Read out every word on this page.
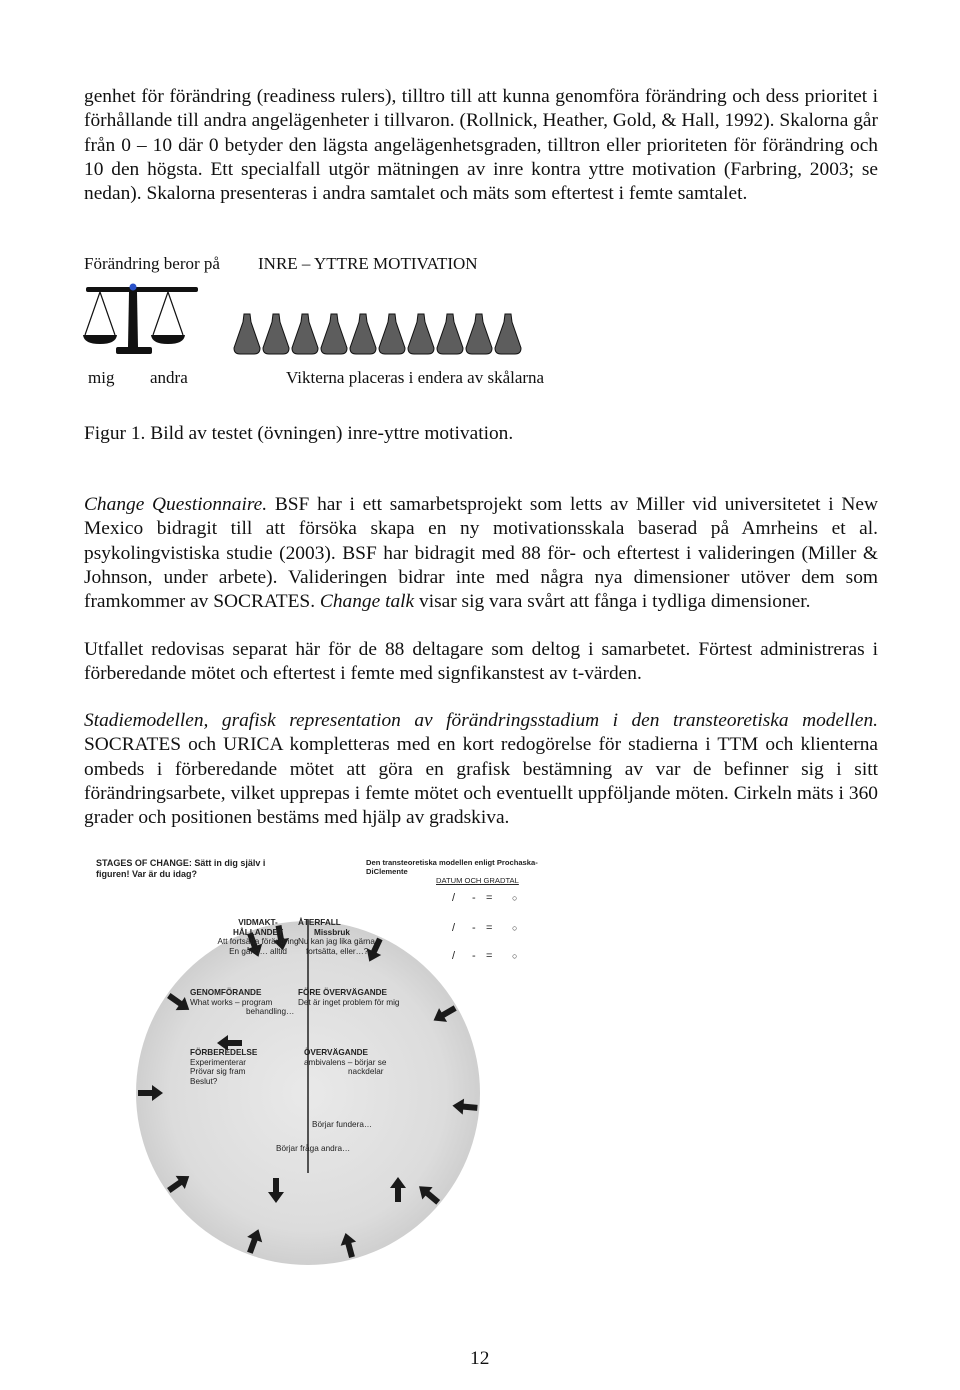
genhet för förändring (readiness rulers), tilltro till att kunna genomföra förändring och dess prioritet i förhållande till andra angelägenheter i tillvaron. (Rollnick, Heather, Gold, & Hall, 1992). Skalorna går från 0 – 10 där 0 betyder den lägsta angelägenhetsgraden, tilltron eller prioriteten för förändring och 10 den högsta. Ett specialfall utgör mätningen av inre kontra yttre motivation (Farbring, 2003; se nedan). Skalorna presenteras i andra samtalet och mäts som eftertest i femte samtalet.
Förändring beror på INRE – YTTRE MOTIVATION
mig andra	Vikterna placeras i endera av skålarna
Figur 1. Bild av testet (övningen) inre-yttre motivation.
Change Questionnaire. BSF har i ett samarbetsprojekt som letts av Miller vid universitetet i New Mexico bidragit till att försöka skapa en ny motivationsskala baserad på Amrheins et al. psykolingvistiska studie (2003). BSF har bidragit med 88 för- och eftertest i valideringen (Miller & Johnson, under arbete). Valideringen bidrar inte med några nya dimensioner utöver dem som framkommer av SOCRATES. Change talk visar sig vara svårt att fånga i tydliga dimensioner.
Utfallet redovisas separat här för de 88 deltagare som deltog i samarbetet. Förtest administreras i förberedande mötet och eftertest i femte med signfikanstest av t-värden.
Stadiemodellen, grafisk representation av förändringsstadium i den transteoretiska modellen. SOCRATES och URICA kompletteras med en kort redogörelse för stadierna i TTM och klienterna ombeds i förberedande mötet att göra en grafisk bestämning av var de befinner sig i sitt förändringsarbete, vilket upprepas i femte mötet och eventuellt uppföljande möten. Cirkeln mäts i 360 grader och positionen bestäms med hjälp av gradskiva.
STAGES OF CHANGE: Sätt in dig själv i
figuren! Var är du idag?
Den transteoretiska modellen enligt Prochaska-
DiClemente
DATUM OCH GRADTAL
/ - = ○
/ - = ○
/ - = ○
VIDMAKT-
HÅLLANDET
Att fortsätta förändring
En gång… alltid
ÅTERFALL
Missbruk
Nu kan jag lika gärna
fortsätta, eller…?
GENOMFÖRANDE
What works – program
behandling…
FÖRE ÖVERVÄGANDE
Det är inget problem för mig
FÖRBEREDELSE
Experimenterar
Prövar sig fram
Beslut?
ÖVERVÄGANDE
ambivalens – börjar se
nackdelar
Börjar fundera…
Börjar fråga andra…
12
